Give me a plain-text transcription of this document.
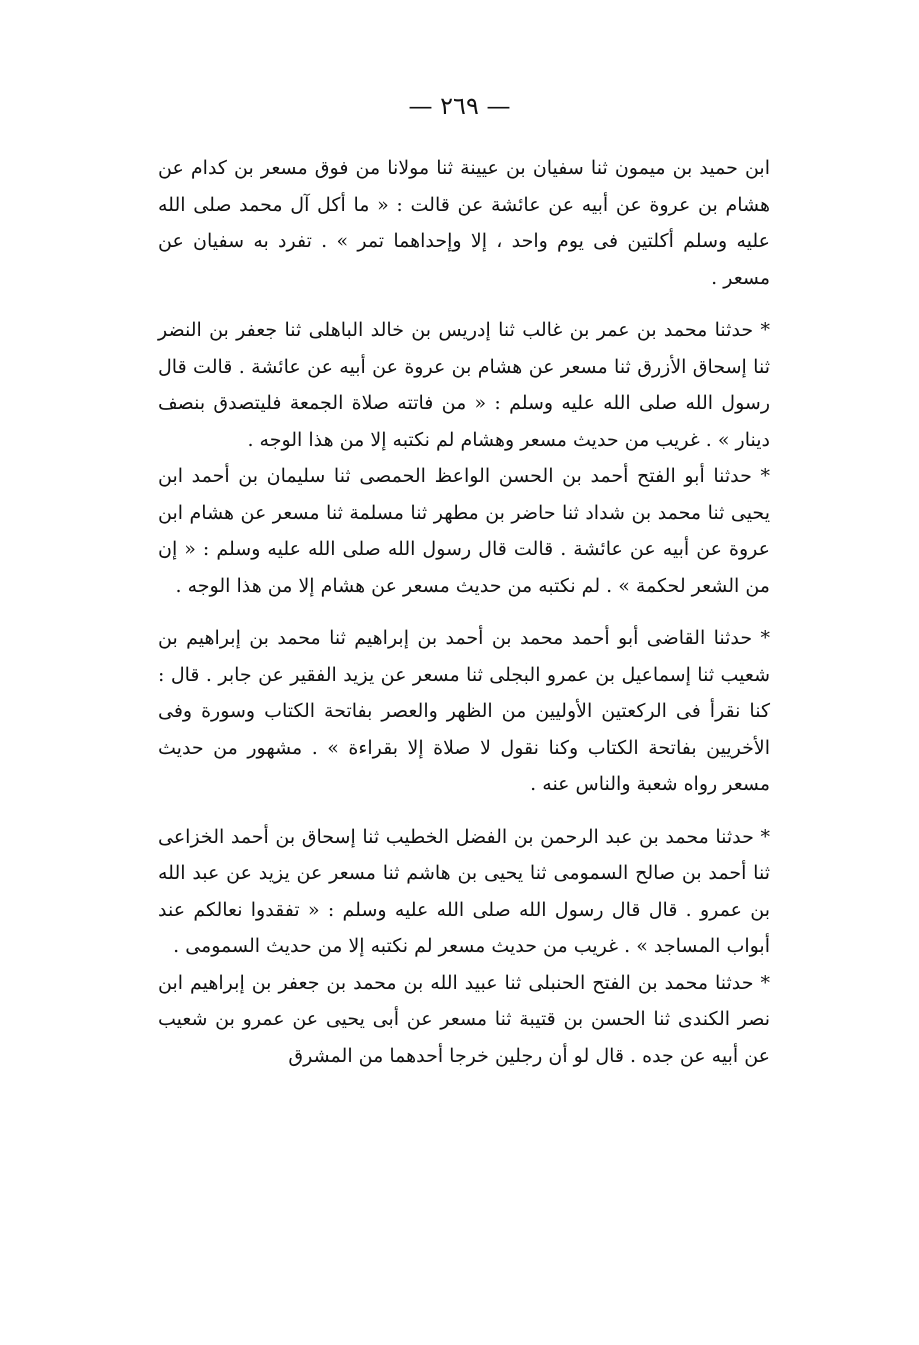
— ٢٦٩ —

ابن حميد بن ميمون ثنا سفيان بن عيينة ثنا مولانا من فوق مسعر بن كدام عن هشام بن عروة عن أبيه عن عائشة عن قالت : « ما أكل آل محمد صلى الله عليه وسلم أكلتين فى يوم واحد ، إلا وإحداهما تمر » . تفرد به سفيان عن مسعر .

* حدثنا محمد بن عمر بن غالب ثنا إدريس بن خالد الباهلى ثنا جعفر بن النضر ثنا إسحاق الأزرق ثنا مسعر عن هشام بن عروة عن أبيه عن عائشة . قالت قال رسول الله صلى الله عليه وسلم : « من فاتته صلاة الجمعة فليتصدق بنصف دينار » . غريب من حديث مسعر وهشام لم نكتبه إلا من هذا الوجه .

* حدثنا أبو الفتح أحمد بن الحسن الواعظ الحمصى ثنا سليمان بن أحمد ابن يحيى ثنا محمد بن شداد ثنا حاضر بن مطهر ثنا مسلمة ثنا مسعر عن هشام ابن عروة عن أبيه عن عائشة . قالت قال رسول الله صلى الله عليه وسلم : « إن من الشعر لحكمة » . لم نكتبه من حديث مسعر عن هشام إلا من هذا الوجه .

* حدثنا القاضى أبو أحمد محمد بن أحمد بن إبراهيم ثنا محمد بن إبراهيم بن شعيب ثنا إسماعيل بن عمرو البجلى ثنا مسعر عن يزيد الفقير عن جابر . قال : كنا نقرأ فى الركعتين الأوليين من الظهر والعصر بفاتحة الكتاب وسورة وفى الأخريين بفاتحة الكتاب وكنا نقول لا صلاة إلا بقراءة » . مشهور من حديث مسعر رواه شعبة والناس عنه .

* حدثنا محمد بن عبد الرحمن بن الفضل الخطيب ثنا إسحاق بن أحمد الخزاعى ثنا أحمد بن صالح السمومى ثنا يحيى بن هاشم ثنا مسعر عن يزيد عن عبد الله بن عمرو . قال قال رسول الله صلى الله عليه وسلم : « تفقدوا نعالكم عند أبواب المساجد » . غريب من حديث مسعر لم نكتبه إلا من حديث السمومى .

* حدثنا محمد بن الفتح الحنبلى ثنا عبيد الله بن محمد بن جعفر بن إبراهيم ابن نصر الكندى ثنا الحسن بن قتيبة ثنا مسعر عن أبى يحيى عن عمرو بن شعيب عن أبيه عن جده . قال لو أن رجلين خرجا أحدهما من المشرق
